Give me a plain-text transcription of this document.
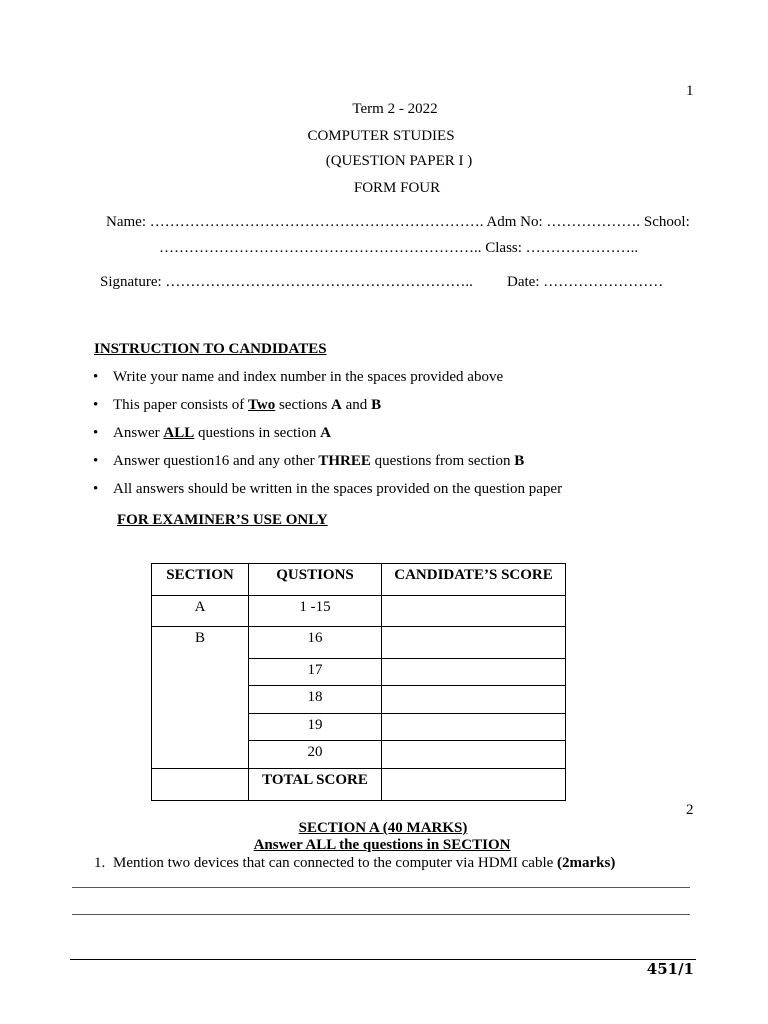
1
Term 2 - 2022
COMPUTER STUDIES
(QUESTION PAPER I )
FORM FOUR
Name: …………………………………………………………. Adm No: ………………. School:
……………………………………………………….. Class: …………………..
Signature: …………………………………………………….. Date: ……………………
INSTRUCTION TO CANDIDATES
• Write your name and index number in the spaces provided above
• This paper consists of Two sections A and B
• Answer ALL questions in section A
• Answer question16 and any other THREE questions from section B
• All answers should be written in the spaces provided on the question paper
FOR EXAMINER’S USE ONLY
SECTION	QUSTIONS	CANDIDATE’S SCORE
A	1 -15	
B	16	
	17	
	18	
	19	
	20	
	TOTAL SCORE	
2
SECTION A (40 MARKS)
Answer ALL the questions in SECTION
1. Mention two devices that can connected to the computer via HDMI cable (2marks)
451/1
